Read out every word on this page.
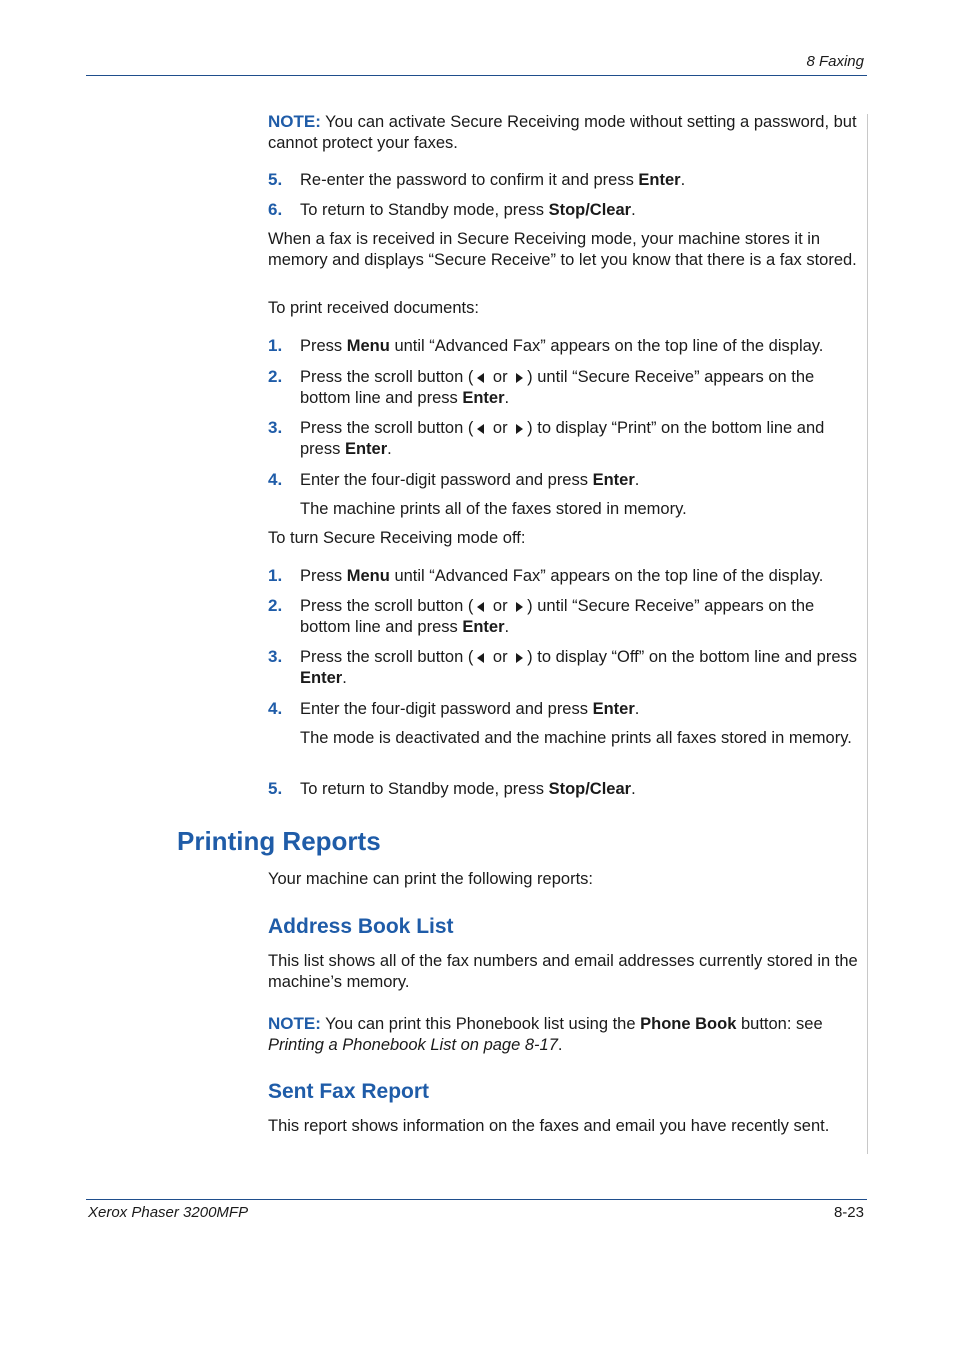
8 Faxing

NOTE: You can activate Secure Receiving mode without setting a password, but cannot protect your faxes.

5. Re-enter the password to confirm it and press Enter.
6. To return to Standby mode, press Stop/Clear.
When a fax is received in Secure Receiving mode, your machine stores it in memory and displays “Secure Receive” to let you know that there is a fax stored.
To print received documents:
1. Press Menu until “Advanced Fax” appears on the top line of the display.
2. Press the scroll button ( or ) until “Secure Receive” appears on the bottom line and press Enter.
3. Press the scroll button ( or ) to display “Print” on the bottom line and press Enter.
4. Enter the four-digit password and press Enter.
The machine prints all of the faxes stored in memory.
To turn Secure Receiving mode off:
1. Press Menu until “Advanced Fax” appears on the top line of the display.
2. Press the scroll button ( or ) until “Secure Receive” appears on the bottom line and press Enter.
3. Press the scroll button ( or ) to display “Off” on the bottom line and press Enter.
4. Enter the four-digit password and press Enter.
The mode is deactivated and the machine prints all faxes stored in memory.
5. To return to Standby mode, press Stop/Clear.
Printing Reports
Your machine can print the following reports:
Address Book List
This list shows all of the fax numbers and email addresses currently stored in the machine’s memory.

NOTE: You can print this Phonebook list using the Phone Book button: see Printing a Phonebook List on page 8-17.

Sent Fax Report
This report shows information on the faxes and email you have recently sent.
Xerox Phaser 3200MFP	8-23
